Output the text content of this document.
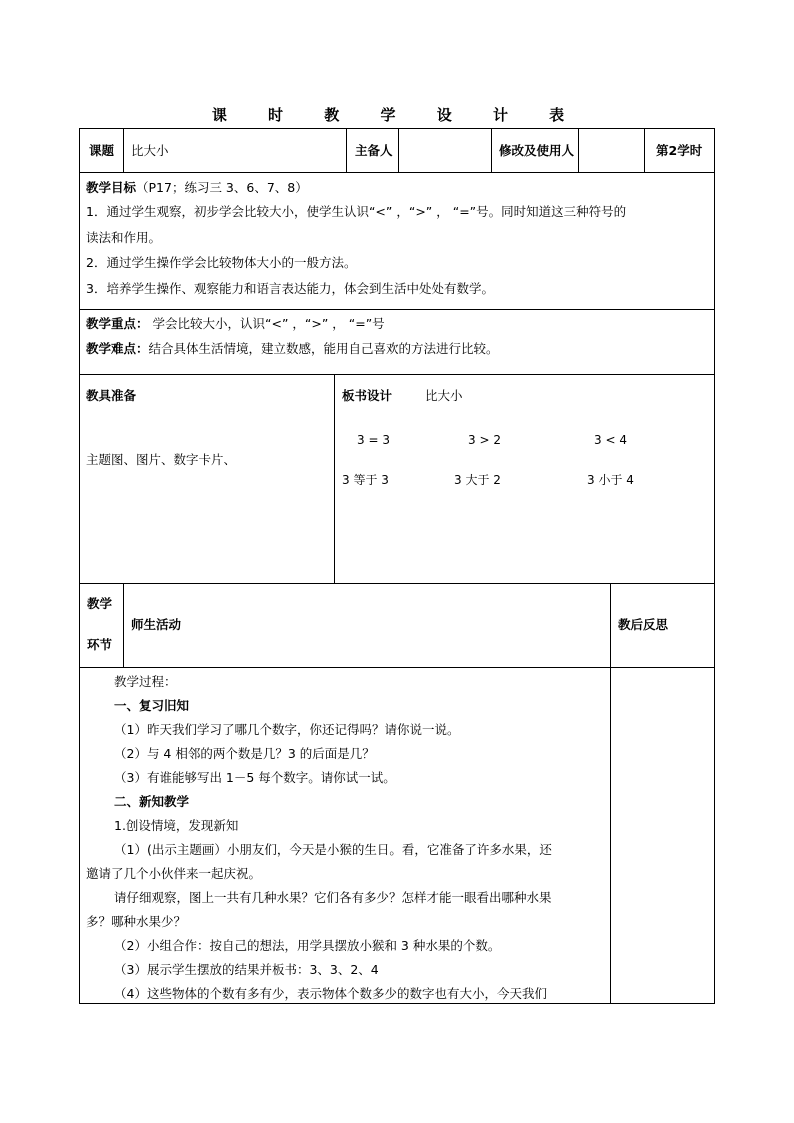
课 时 教 学 设 计 表
课题 比大小	主备人	修改及使用人	第2学时
教学目标（P17；练习三 3、6、7、8）
1．通过学生观察，初步学会比较大小，使学生认识“<” ，“>” ， “=”号。同时知道这三种符号的
读法和作用。
2．通过学生操作学会比较物体大小的一般方法。
3．培养学生操作、观察能力和语言表达能力，体会到生活中处处有数学。
教学重点： 学会比较大小，认识“<” ，“>” ， “=”号
教学难点：结合具体生活情境，建立数感，能用自己喜欢的方法进行比较。
教具准备
主题图、图片、数字卡片、
板书设计	比大小
3 = 3	3 > 2	3 < 4
3 等于 3	3 大于 2	3 小于 4
教学
环节
师生活动	教后反思
教学过程：
一、复习旧知
（1）昨天我们学习了哪几个数字，你还记得吗？请你说一说。
（2）与 4 相邻的两个数是几？3 的后面是几？
（3）有谁能够写出 1－5 每个数字。请你试一试。
二、新知教学
1.创设情境，发现新知
（1）(出示主题画）小朋友们，今天是小猴的生日。看，它准备了许多水果，还
邀请了几个小伙伴来一起庆祝。
请仔细观察，图上一共有几种水果？它们各有多少？怎样才能一眼看出哪种水果
多？哪种水果少？
（2）小组合作：按自己的想法，用学具摆放小猴和 3 种水果的个数。
（3）展示学生摆放的结果并板书：3、3、2、4
（4）这些物体的个数有多有少，表示物体个数多少的数字也有大小，今天我们
